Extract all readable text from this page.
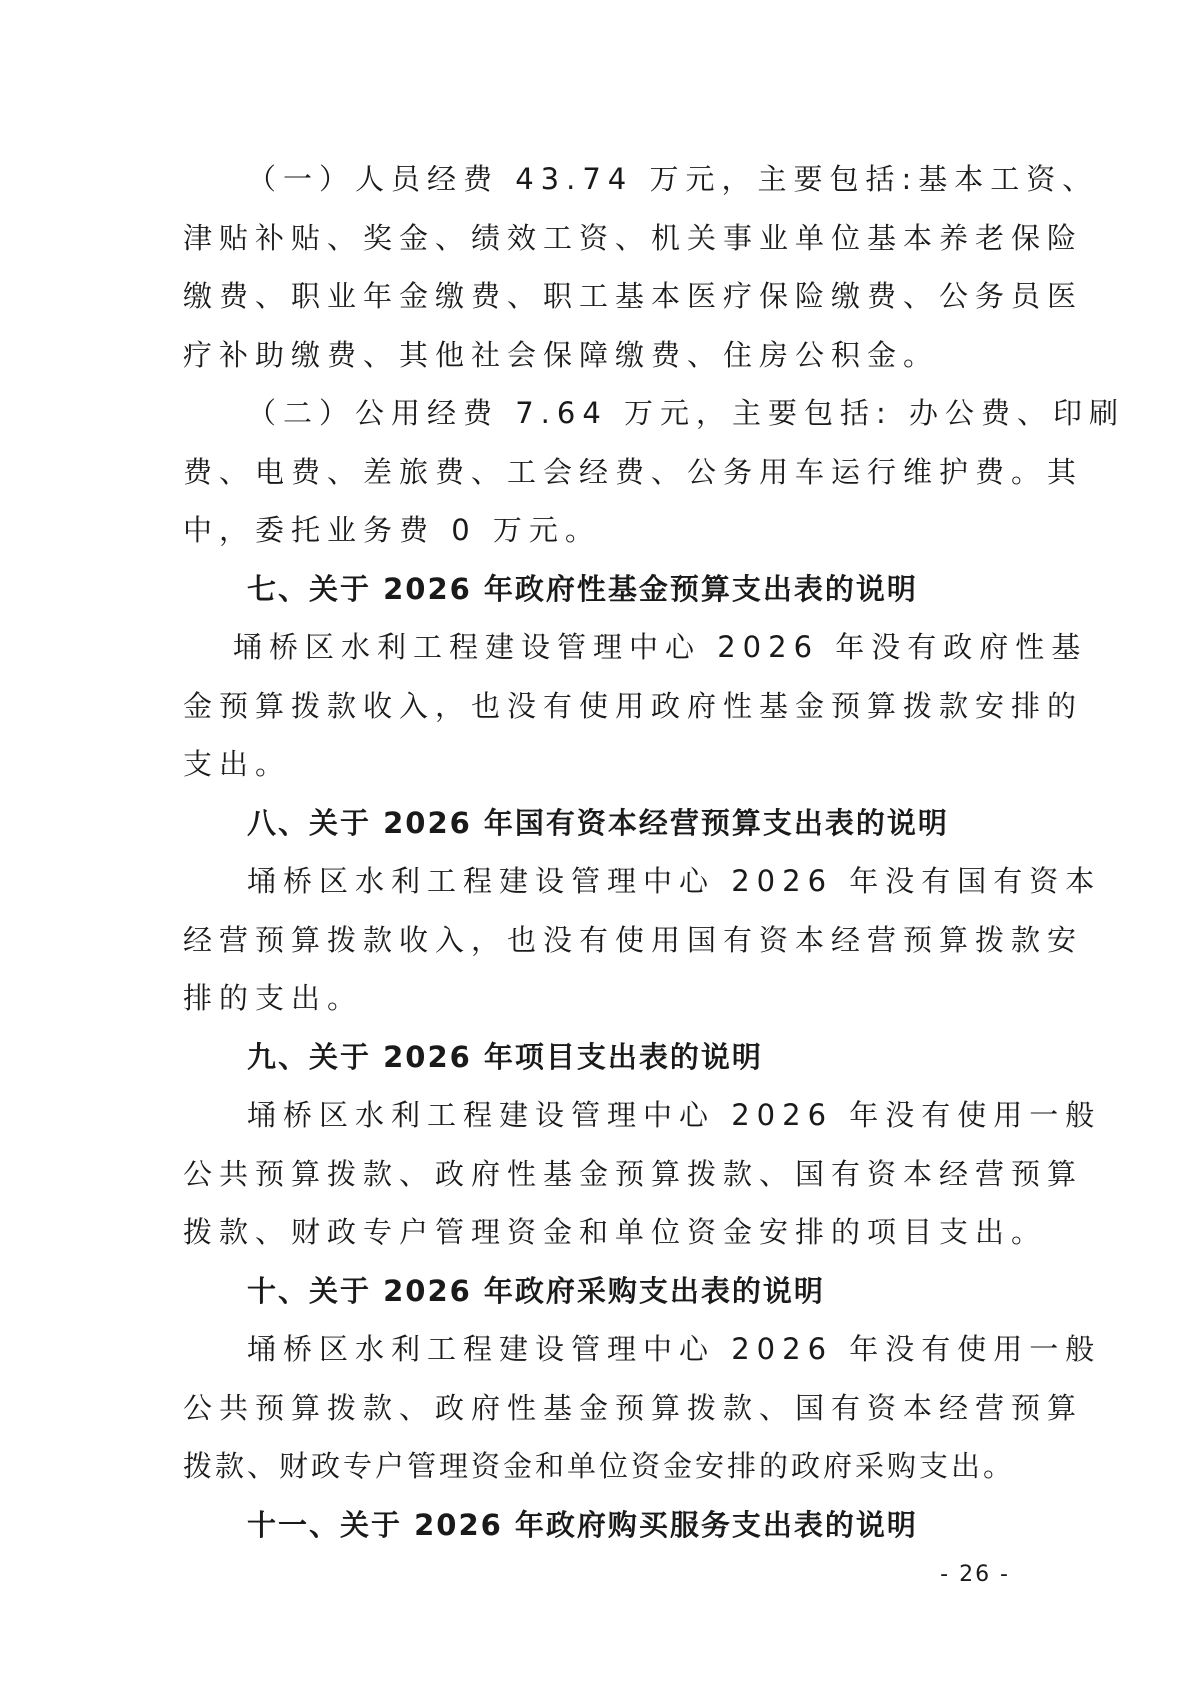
（一）人员经费 43.74 万元，主要包括:基本工资、
津贴补贴、奖金、绩效工资、机关事业单位基本养老保险
缴费、职业年金缴费、职工基本医疗保险缴费、公务员医
疗补助缴费、其他社会保障缴费、住房公积金。

（二）公用经费 7.64 万元，主要包括: 办公费、印刷
费、电费、差旅费、工会经费、公务用车运行维护费。其
中，委托业务费 0 万元。

七、关于 2026 年政府性基金预算支出表的说明

埇桥区水利工程建设管理中心 2026 年没有政府性基
金预算拨款收入，也没有使用政府性基金预算拨款安排的
支出。

八、关于 2026 年国有资本经营预算支出表的说明

埇桥区水利工程建设管理中心 2026 年没有国有资本
经营预算拨款收入，也没有使用国有资本经营预算拨款安
排的支出。

九、关于 2026 年项目支出表的说明

埇桥区水利工程建设管理中心 2026 年没有使用一般
公共预算拨款、政府性基金预算拨款、国有资本经营预算
拨款、财政专户管理资金和单位资金安排的项目支出。

十、关于 2026 年政府采购支出表的说明

埇桥区水利工程建设管理中心 2026 年没有使用一般
公共预算拨款、政府性基金预算拨款、国有资本经营预算
拨款、财政专户管理资金和单位资金安排的政府采购支出。

十一、关于 2026 年政府购买服务支出表的说明

- 26 -
